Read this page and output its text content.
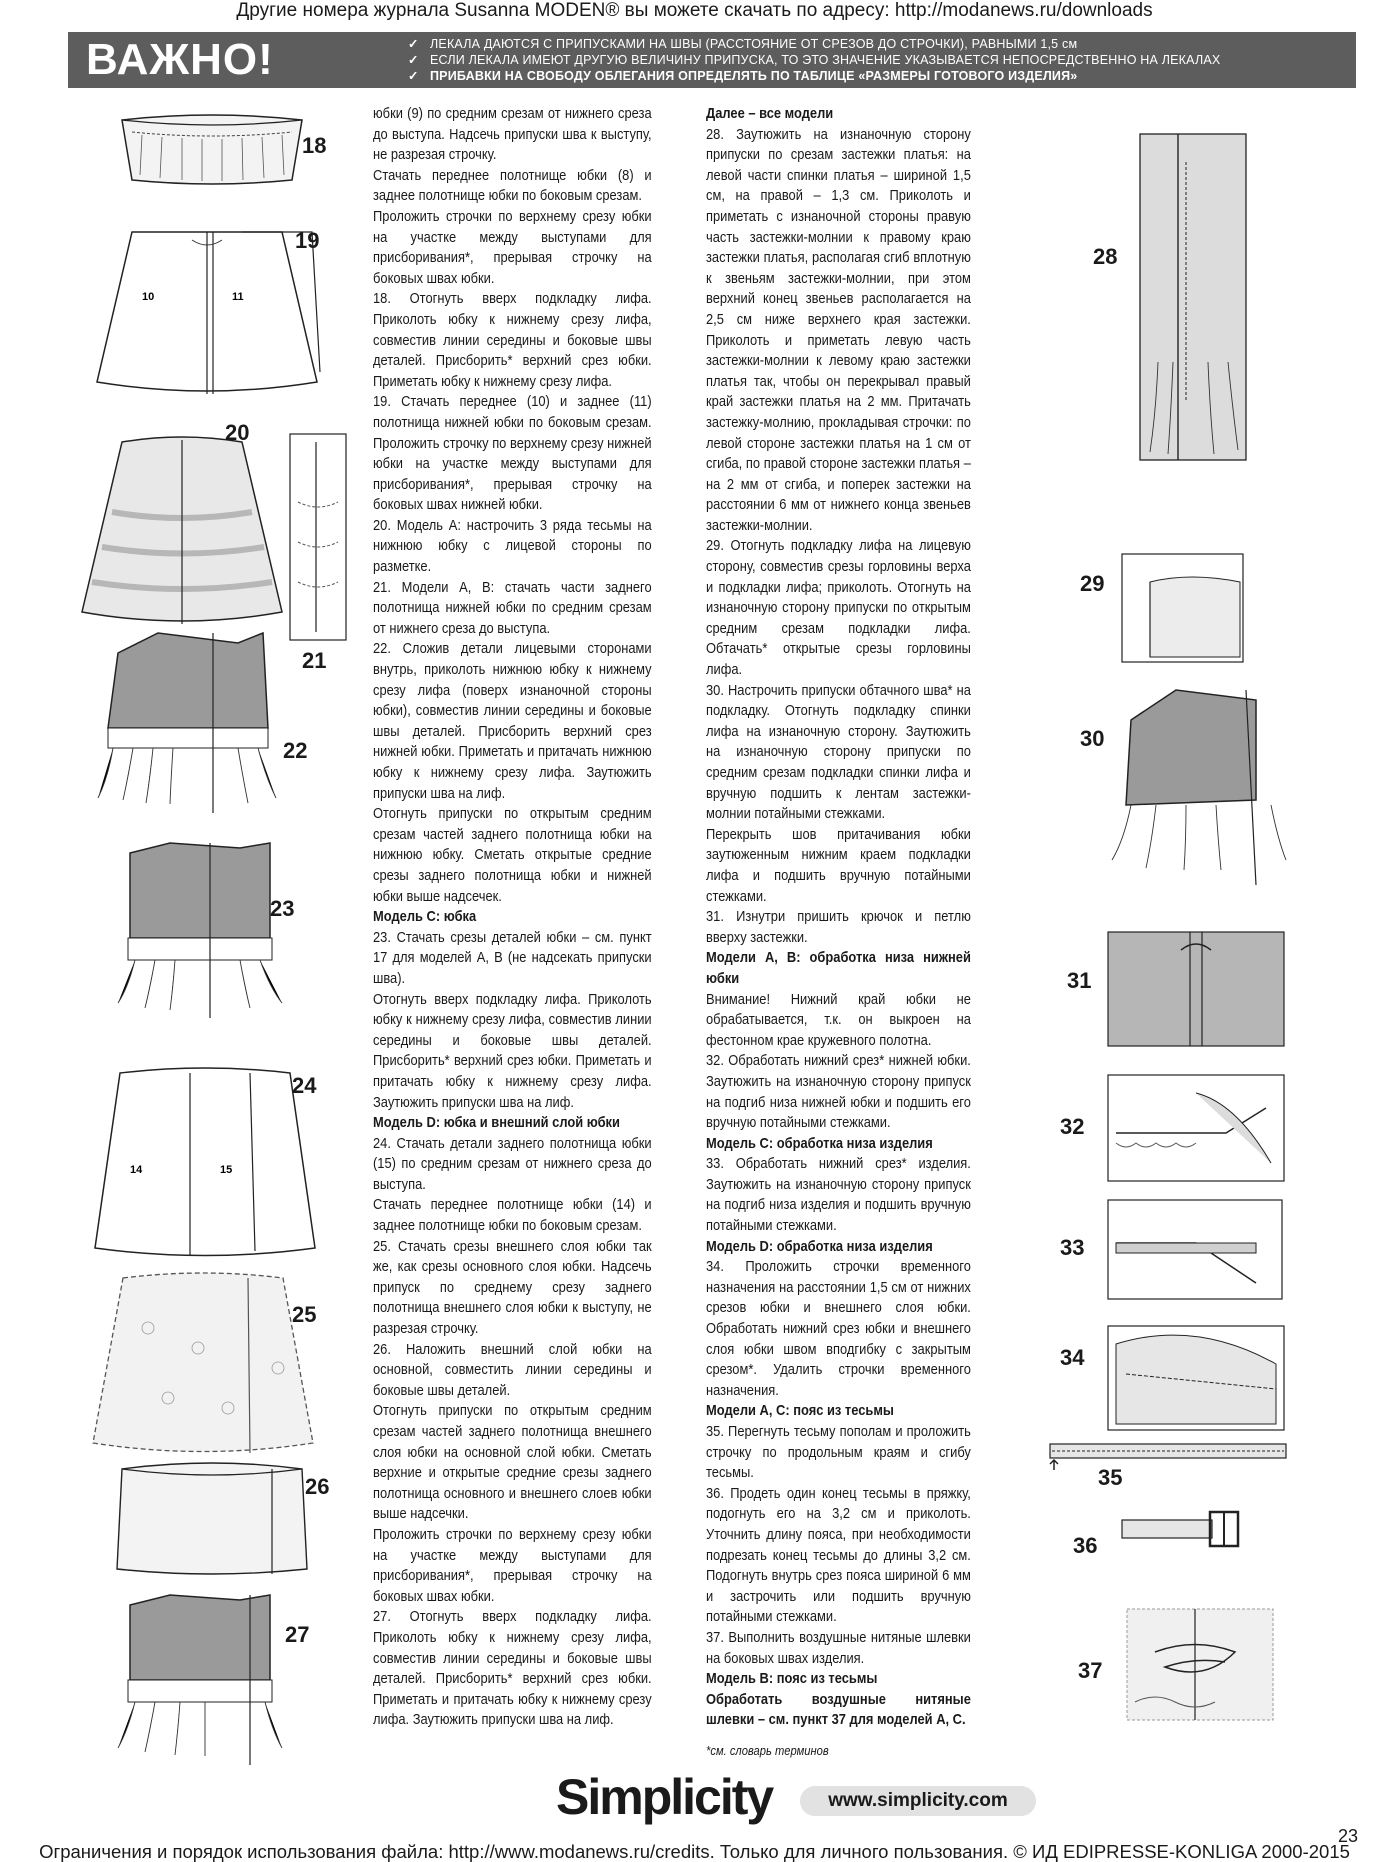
Другие номера журнала Susanna MODEN® вы можете скачать по адресу: http://modanews.ru/downloads
ВАЖНО!	✓ ЛЕКАЛА ДАЮТСЯ С ПРИПУСКАМИ НА ШВЫ (РАССТОЯНИЕ ОТ СРЕЗОВ ДО СТРОЧКИ), РАВНЫМИ 1,5 см
✓ ЕСЛИ ЛЕКАЛА ИМЕЮТ ДРУГУЮ ВЕЛИЧИНУ ПРИПУСКА, ТО ЭТО ЗНАЧЕНИЕ УКАЗЫВАЕТСЯ НЕПОСРЕДСТВЕННО НА ЛЕКАЛАХ
✓ ПРИБАВКИ НА СВОБОДУ ОБЛЕГАНИЯ ОПРЕДЕЛЯТЬ ПО ТАБЛИЦЕ «РАЗМЕРЫ ГОТОВОГО ИЗДЕЛИЯ»

юбки (9) по средним срезам от нижнего среза до выступа. Надсечь припуски шва к выступу, не разрезая строчку.

Стачать переднее полотнище юбки (8) и заднее полотнище юбки по боковым срезам.

Проложить строчки по верхнему срезу юбки на участке между выступами для присборивания*, прерывая строчку на боковых швах юбки.

18. Отогнуть вверх подкладку лифа. Приколоть юбку к нижнему срезу лифа, совместив линии середины и боковые швы деталей. Присборить* верхний срез юбки. Приметать юбку к нижнему срезу лифа.

19. Стачать переднее (10) и заднее (11) полотнища нижней юбки по боковым срезам. Проложить строчку по верхнему срезу нижней юбки на участке между выступами для присборивания*, прерывая строчку на боковых швах нижней юбки.

20. Модель А: настрочить 3 ряда тесьмы на нижнюю юбку с лицевой стороны по разметке.

21. Модели А, В: стачать части заднего полотнища нижней юбки по средним срезам от нижнего среза до выступа.

22. Сложив детали лицевыми сторонами внутрь, приколоть нижнюю юбку к нижнему срезу лифа (поверх изнаночной стороны юбки), совместив линии середины и боковые швы деталей. Присборить верхний срез нижней юбки. Приметать и притачать нижнюю юбку к нижнему срезу лифа. Заутюжить припуски шва на лиф.

Отогнуть припуски по открытым средним срезам частей заднего полотнища юбки на нижнюю юбку. Сметать открытые средние срезы заднего полотнища юбки и нижней юбки выше надсечек.

Модель С: юбка

23. Стачать срезы деталей юбки – см. пункт 17 для моделей А, В (не надсекать припуски шва).

Отогнуть вверх подкладку лифа. Приколоть юбку к нижнему срезу лифа, совместив линии середины и боковые швы деталей. Присборить* верхний срез юбки. Приметать и притачать юбку к нижнему срезу лифа. Заутюжить припуски шва на лиф.

Модель D: юбка и внешний слой юбки

24. Стачать детали заднего полотнища юбки (15) по средним срезам от нижнего среза до выступа.

Стачать переднее полотнище юбки (14) и заднее полотнище юбки по боковым срезам.

25. Стачать срезы внешнего слоя юбки так же, как срезы основного слоя юбки. Надсечь припуск по среднему срезу заднего полотнища внешнего слоя юбки к выступу, не разрезая строчку.

26. Наложить внешний слой юбки на основной, совместить линии середины и боковые швы деталей.

Отогнуть припуски по открытым средним срезам частей заднего полотнища внешнего слоя юбки на основной слой юбки. Сметать верхние и открытые средние срезы заднего полотнища основного и внешнего слоев юбки выше надсечки.

Проложить строчки по верхнему срезу юбки на участке между выступами для присборивания*, прерывая строчку на боковых швах юбки.

27. Отогнуть вверх подкладку лифа. Приколоть юбку к нижнему срезу лифа, совместив линии середины и боковые швы деталей. Присборить* верхний срез юбки. Приметать и притачать юбку к нижнему срезу лифа. Заутюжить припуски шва на лиф.

Далее – все модели

28. Заутюжить на изнаночную сторону припуски по срезам застежки платья: на левой части спинки платья – шириной 1,5 см, на правой – 1,3 см. Приколоть и приметать с изнаночной стороны правую часть застежки-молнии к правому краю застежки платья, располагая сгиб вплотную к звеньям застежки-молнии, при этом верхний конец звеньев располагается на 2,5 см ниже верхнего края застежки. Приколоть и приметать левую часть застежки-молнии к левому краю застежки платья так, чтобы он перекрывал правый край застежки платья на 2 мм. Притачать застежку-молнию, прокладывая строчки: по левой стороне застежки платья на 1 см от сгиба, по правой стороне застежки платья – на 2 мм от сгиба, и поперек застежки на расстоянии 6 мм от нижнего конца звеньев застежки-молнии.

29. Отогнуть подкладку лифа на лицевую сторону, совместив срезы горловины верха и подкладки лифа; приколоть. Отогнуть на изнаночную сторону припуски по открытым средним срезам подкладки лифа. Обтачать* открытые срезы горловины лифа.

30. Настрочить припуски обтачного шва* на подкладку. Отогнуть подкладку спинки лифа на изнаночную сторону. Заутюжить на изнаночную сторону припуски по средним срезам подкладки спинки лифа и вручную подшить к лентам застежки-молнии потайными стежками.

Перекрыть шов притачивания юбки заутюженным нижним краем подкладки лифа и подшить вручную потайными стежками.

31. Изнутри пришить крючок и петлю вверху застежки.

Модели А, В: обработка низа нижней юбки

Внимание! Нижний край юбки не обрабатывается, т.к. он выкроен на фестонном крае кружевного полотна.

32. Обработать нижний срез* нижней юбки. Заутюжить на изнаночную сторону припуск на подгиб низа нижней юбки и подшить его вручную потайными стежками.

Модель С: обработка низа изделия

33. Обработать нижний срез* изделия. Заутюжить на изнаночную сторону припуск на подгиб низа изделия и подшить вручную потайными стежками.

Модель D: обработка низа изделия

34. Проложить строчки временного назначения на расстоянии 1,5 см от нижних срезов юбки и внешнего слоя юбки. Обработать нижний срез юбки и внешнего слоя юбки швом вподгибку с закрытым срезом*. Удалить строчки временного назначения.

Модели А, С: пояс из тесьмы

35. Перегнуть тесьму пополам и проложить строчку по продольным краям и сгибу тесьмы.

36. Продеть один конец тесьмы в пряжку, подогнуть его на 3,2 см и приколоть. Уточнить длину пояса, при необходимости подрезать конец тесьмы до длины 3,2 см. Подогнуть внутрь срез пояса шириной 6 мм и застрочить или подшить вручную потайными стежками.

37. Выполнить воздушные нитяные шлевки на боковых швах изделия.

Модель В: пояс из тесьмы

Обработать воздушные нитяные шлевки – см. пункт 37 для моделей А, С.

*см. словарь терминов

18
10	11
19
20
21
22
23
14	15
24
25
26
27
28
29
30
31
32
33
34
35
36
37
Simplicity	www.simplicity.com
23
Ограничения и порядок использования файла: http://www.modanews.ru/credits. Только для личного пользования. © ИД EDIPRESSE-KONLIGA 2000-2015
